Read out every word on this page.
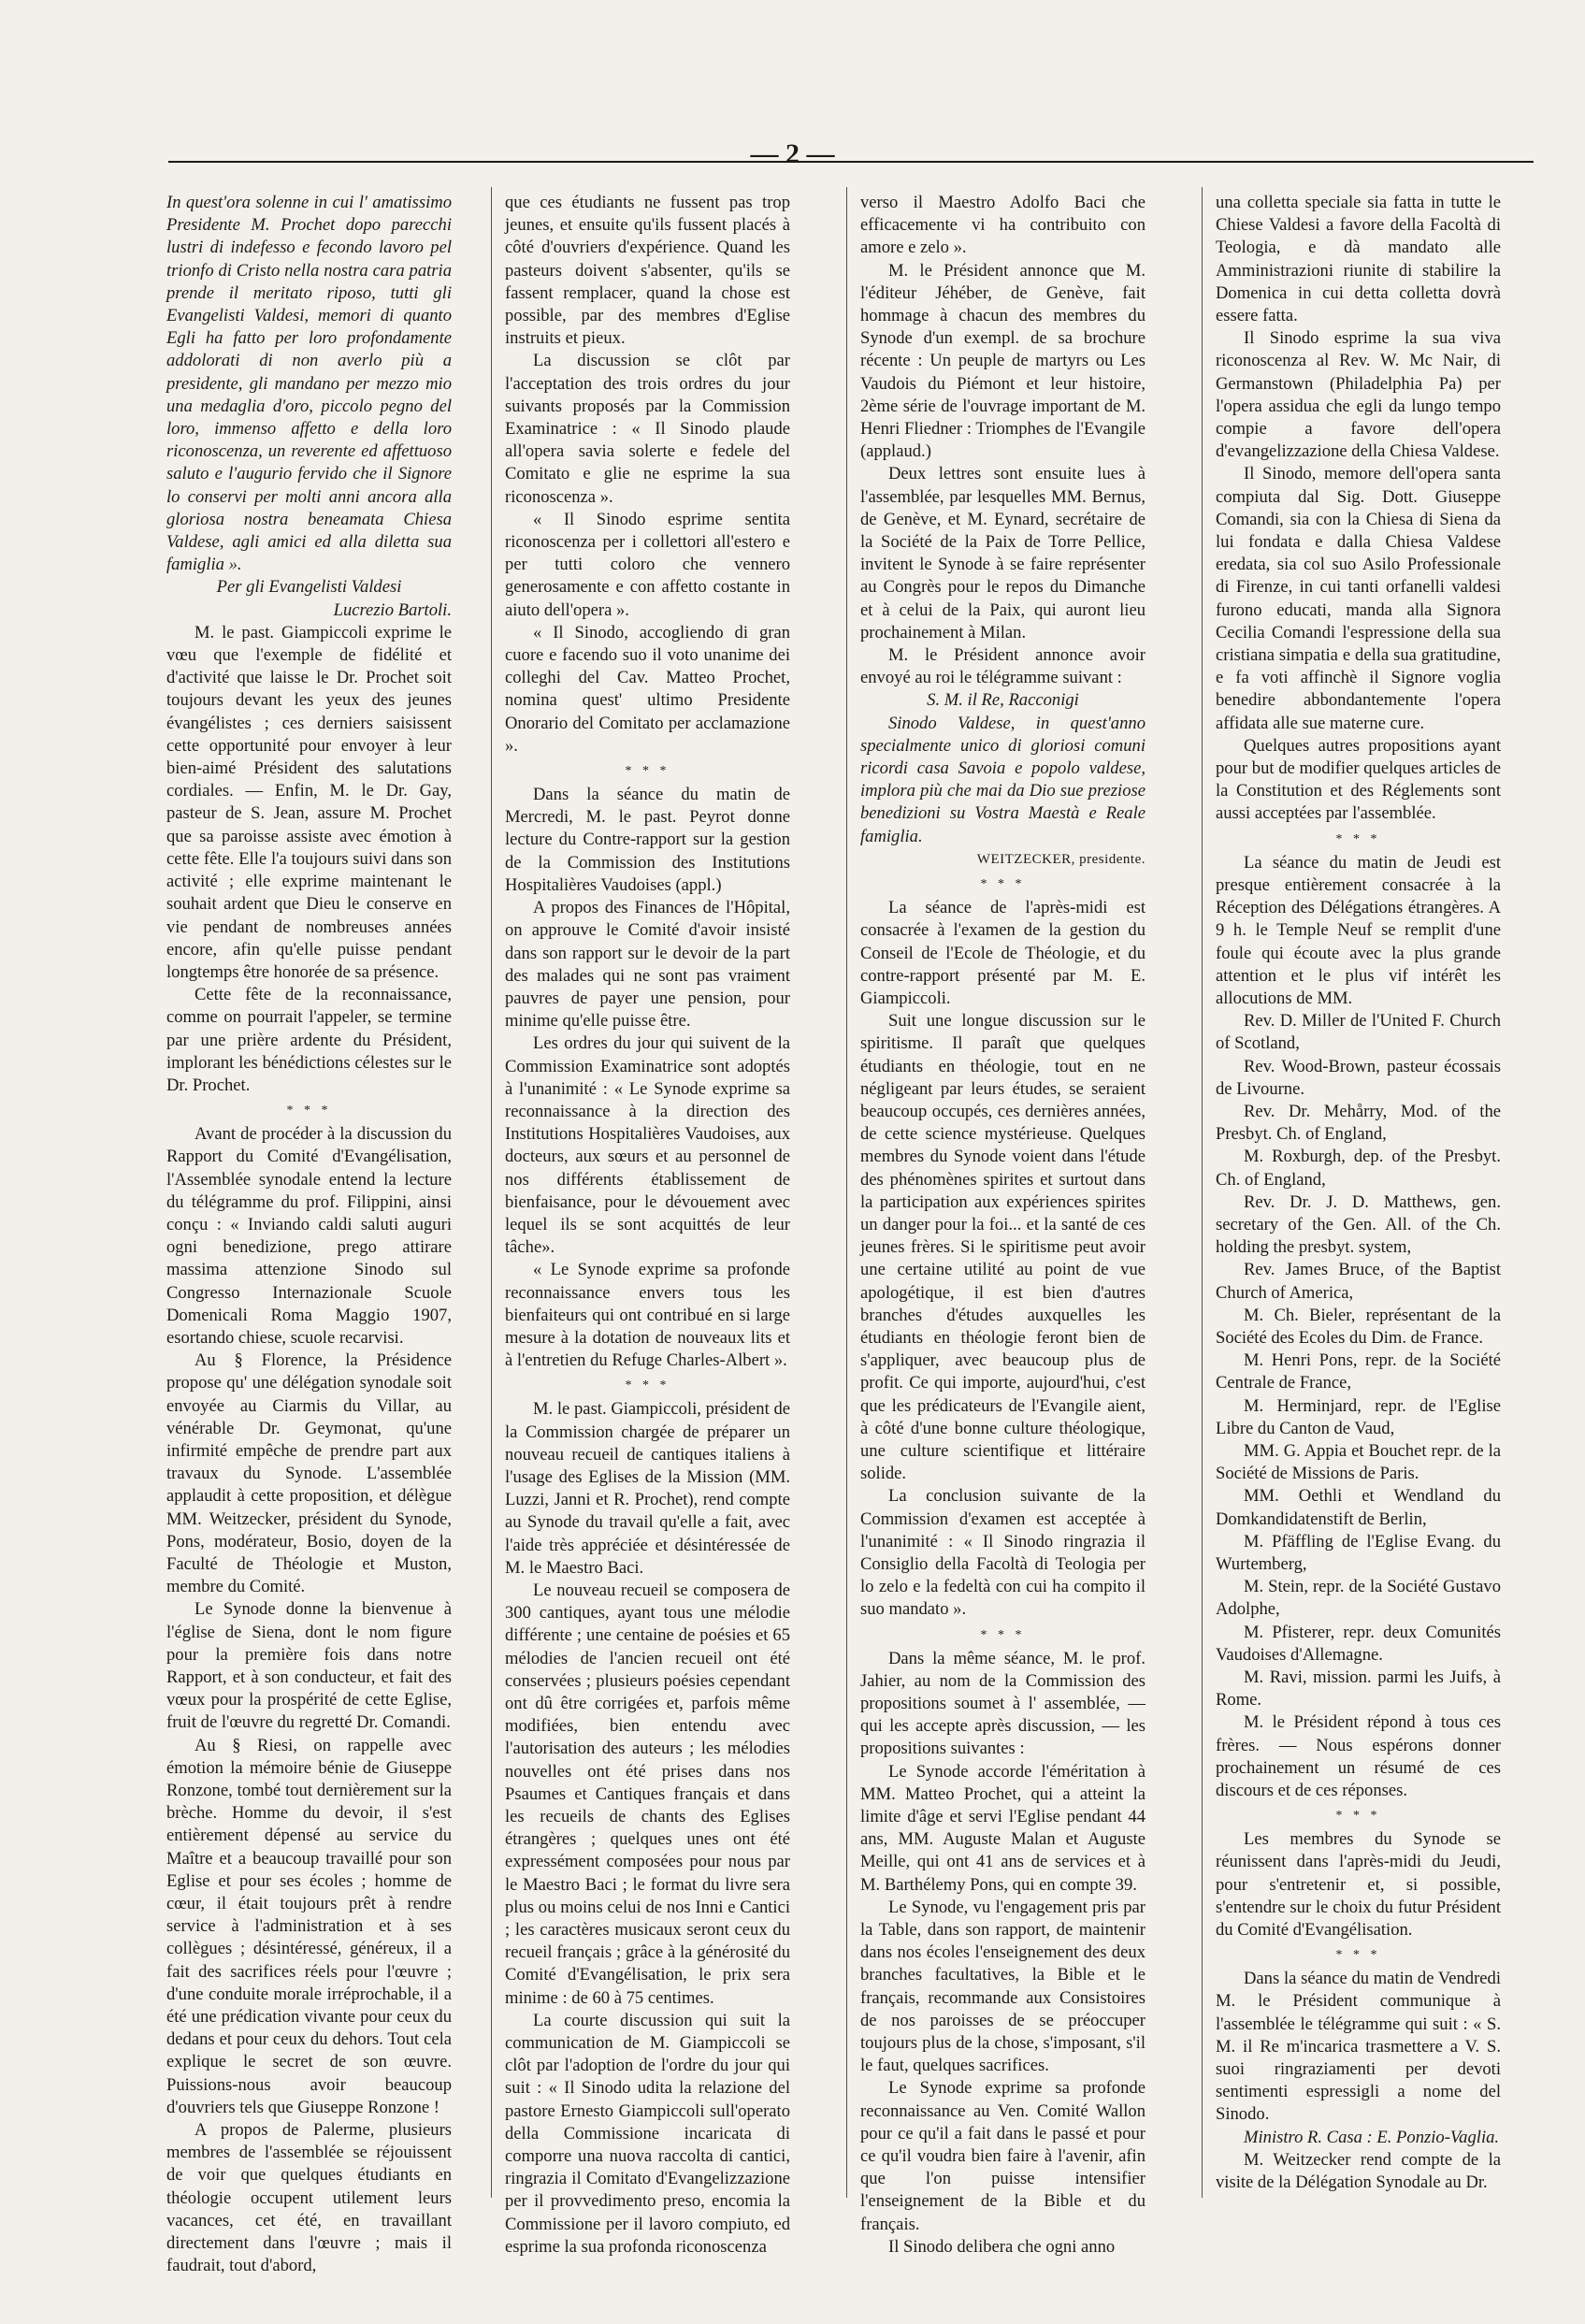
— 2 —

In quest'ora solenne in cui l' amatissimo Presidente M. Prochet dopo parecchi lustri di indefesso e fecondo lavoro pel trionfo di Cristo nella nostra cara patria prende il meritato riposo, tutti gli Evangelisti Valdesi, memori di quanto Egli ha fatto per loro profondamente addolorati di non averlo più a presidente, gli mandano per mezzo mio una medaglia d'oro, piccolo pegno del loro, immenso affetto e della loro riconoscenza, un reverente ed affettuoso saluto e l'augurio fervido che il Signore lo conservi per molti anni ancora alla gloriosa nostra beneamata Chiesa Valdese, agli amici ed alla diletta sua famiglia ».

Per gli Evangelisti Valdesi

Lucrezio Bartoli.

M. le past. Giampiccoli exprime le vœu que l'exemple de fidélité et d'activité que laisse le Dr. Prochet soit toujours devant les yeux des jeunes évangélistes ; ces derniers saisissent cette opportunité pour envoyer à leur bien-aimé Président des salutations cordiales. — Enfin, M. le Dr. Gay, pasteur de S. Jean, assure M. Prochet que sa paroisse assiste avec émotion à cette fête. Elle l'a toujours suivi dans son activité ; elle exprime maintenant le souhait ardent que Dieu le conserve en vie pendant de nombreuses années encore, afin qu'elle puisse pendant longtemps être honorée de sa présence.

Cette fête de la reconnaissance, comme on pourrait l'appeler, se termine par une prière ardente du Président, implorant les bénédictions célestes sur le Dr. Prochet.

* * *

Avant de procéder à la discussion du Rapport du Comité d'Evangélisation, l'Assemblée synodale entend la lecture du télégramme du prof. Filippini, ainsi conçu : « Inviando caldi saluti auguri ogni benedizione, prego attirare massima attenzione Sinodo sul Congresso Internazionale Scuole Domenicali Roma Maggio 1907, esortando chiese, scuole recarvisi.

Au § Florence, la Présidence propose qu' une délégation synodale soit envoyée au Ciarmis du Villar, au vénérable Dr. Geymonat, qu'une infirmité empêche de prendre part aux travaux du Synode. L'assemblée applaudit à cette proposition, et délègue MM. Weitzecker, président du Synode, Pons, modérateur, Bosio, doyen de la Faculté de Théologie et Muston, membre du Comité.

Le Synode donne la bienvenue à l'église de Siena, dont le nom figure pour la première fois dans notre Rapport, et à son conducteur, et fait des vœux pour la prospérité de cette Eglise, fruit de l'œuvre du regretté Dr. Comandi.

Au § Riesi, on rappelle avec émotion la mémoire bénie de Giuseppe Ronzone, tombé tout dernièrement sur la brèche. Homme du devoir, il s'est entièrement dépensé au service du Maître et a beaucoup travaillé pour son Eglise et pour ses écoles ; homme de cœur, il était toujours prêt à rendre service à l'administration et à ses collègues ; désintéressé, généreux, il a fait des sacrifices réels pour l'œuvre ; d'une conduite morale irréprochable, il a été une prédication vivante pour ceux du dedans et pour ceux du dehors. Tout cela explique le secret de son œuvre. Puissions-nous avoir beaucoup d'ouvriers tels que Giuseppe Ronzone !

A propos de Palerme, plusieurs membres de l'assemblée se réjouissent de voir que quelques étudiants en théologie occupent utilement leurs vacances, cet été, en travaillant directement dans l'œuvre ; mais il faudrait, tout d'abord,

que ces étudiants ne fussent pas trop jeunes, et ensuite qu'ils fussent placés à côté d'ouvriers d'expérience. Quand les pasteurs doivent s'absenter, qu'ils se fassent remplacer, quand la chose est possible, par des membres d'Eglise instruits et pieux.

La discussion se clôt par l'acceptation des trois ordres du jour suivants proposés par la Commission Examinatrice : « Il Sinodo plaude all'opera savia solerte e fedele del Comitato e glie ne esprime la sua riconoscenza ».

« Il Sinodo esprime sentita riconoscenza per i collettori all'estero e per tutti coloro che vennero generosamente e con affetto costante in aiuto dell'opera ».

« Il Sinodo, accogliendo di gran cuore e facendo suo il voto unanime dei colleghi del Cav. Matteo Prochet, nomina quest' ultimo Presidente Onorario del Comitato per acclamazione ».

* * *

Dans la séance du matin de Mercredi, M. le past. Peyrot donne lecture du Contre-rapport sur la gestion de la Commission des Institutions Hospitalières Vaudoises (appl.)

A propos des Finances de l'Hôpital, on approuve le Comité d'avoir insisté dans son rapport sur le devoir de la part des malades qui ne sont pas vraiment pauvres de payer une pension, pour minime qu'elle puisse être.

Les ordres du jour qui suivent de la Commission Examinatrice sont adoptés à l'unanimité : « Le Synode exprime sa reconnaissance à la direction des Institutions Hospitalières Vaudoises, aux docteurs, aux sœurs et au personnel de nos différents établissement de bienfaisance, pour le dévouement avec lequel ils se sont acquittés de leur tâche».

« Le Synode exprime sa profonde reconnaissance envers tous les bienfaiteurs qui ont contribué en si large mesure à la dotation de nouveaux lits et à l'entretien du Refuge Charles-Albert ».

* * *

M. le past. Giampiccoli, président de la Commission chargée de préparer un nouveau recueil de cantiques italiens à l'usage des Eglises de la Mission (MM. Luzzi, Janni et R. Prochet), rend compte au Synode du travail qu'elle a fait, avec l'aide très appréciée et désintéressée de M. le Maestro Baci.

Le nouveau recueil se composera de 300 cantiques, ayant tous une mélodie différente ; une centaine de poésies et 65 mélodies de l'ancien recueil ont été conservées ; plusieurs poésies cependant ont dû être corrigées et, parfois même modifiées, bien entendu avec l'autorisation des auteurs ; les mélodies nouvelles ont été prises dans nos Psaumes et Cantiques français et dans les recueils de chants des Eglises étrangères ; quelques unes ont été expressément composées pour nous par le Maestro Baci ; le format du livre sera plus ou moins celui de nos Inni e Cantici ; les caractères musicaux seront ceux du recueil français ; grâce à la générosité du Comité d'Evangélisation, le prix sera minime : de 60 à 75 centimes.

La courte discussion qui suit la communication de M. Giampiccoli se clôt par l'adoption de l'ordre du jour qui suit : « Il Sinodo udita la relazione del pastore Ernesto Giampiccoli sull'operato della Commissione incaricata di comporre una nuova raccolta di cantici, ringrazia il Comitato d'Evangelizzazione per il provvedimento preso, encomia la Commissione per il lavoro compiuto, ed esprime la sua profonda riconoscenza

verso il Maestro Adolfo Baci che efficacemente vi ha contribuito con amore e zelo ».

M. le Président annonce que M. l'éditeur Jéhéber, de Genève, fait hommage à chacun des membres du Synode d'un exempl. de sa brochure récente : Un peuple de martyrs ou Les Vaudois du Piémont et leur histoire, 2ème série de l'ouvrage important de M. Henri Fliedner : Triomphes de l'Evangile (applaud.)

Deux lettres sont ensuite lues à l'assemblée, par lesquelles MM. Bernus, de Genève, et M. Eynard, secrétaire de la Société de la Paix de Torre Pellice, invitent le Synode à se faire représenter au Congrès pour le repos du Dimanche et à celui de la Paix, qui auront lieu prochainement à Milan.

M. le Président annonce avoir envoyé au roi le télégramme suivant :

S. M. il Re, Racconigi

Sinodo Valdese, in quest'anno specialmente unico di gloriosi comuni ricordi casa Savoia e popolo valdese, implora più che mai da Dio sue preziose benedizioni su Vostra Maestà e Reale famiglia.

WEITZECKER, presidente.

* * *

La séance de l'après-midi est consacrée à l'examen de la gestion du Conseil de l'Ecole de Théologie, et du contre-rapport présenté par M. E. Giampiccoli.

Suit une longue discussion sur le spiritisme. Il paraît que quelques étudiants en théologie, tout en ne négligeant par leurs études, se seraient beaucoup occupés, ces dernières années, de cette science mystérieuse. Quelques membres du Synode voient dans l'étude des phénomènes spirites et surtout dans la participation aux expériences spirites un danger pour la foi... et la santé de ces jeunes frères. Si le spiritisme peut avoir une certaine utilité au point de vue apologétique, il est bien d'autres branches d'études auxquelles les étudiants en théologie feront bien de s'appliquer, avec beaucoup plus de profit. Ce qui importe, aujourd'hui, c'est que les prédicateurs de l'Evangile aient, à côté d'une bonne culture théologique, une culture scientifique et littéraire solide.

La conclusion suivante de la Commission d'examen est acceptée à l'unanimité : « Il Sinodo ringrazia il Consiglio della Facoltà di Teologia per lo zelo e la fedeltà con cui ha compito il suo mandato ».

* * *

Dans la même séance, M. le prof. Jahier, au nom de la Commission des propositions soumet à l' assemblée, — qui les accepte après discussion, — les propositions suivantes :

Le Synode accorde l'éméritation à MM. Matteo Prochet, qui a atteint la limite d'âge et servi l'Eglise pendant 44 ans, MM. Auguste Malan et Auguste Meille, qui ont 41 ans de services et à M. Barthélemy Pons, qui en compte 39.

Le Synode, vu l'engagement pris par la Table, dans son rapport, de maintenir dans nos écoles l'enseignement des deux branches facultatives, la Bible et le français, recommande aux Consistoires de nos paroisses de se préoccuper toujours plus de la chose, s'imposant, s'il le faut, quelques sacrifices.

Le Synode exprime sa profonde reconnaissance au Ven. Comité Wallon pour ce qu'il a fait dans le passé et pour ce qu'il voudra bien faire à l'avenir, afin que l'on puisse intensifier l'enseignement de la Bible et du français.

Il Sinodo delibera che ogni anno

una colletta speciale sia fatta in tutte le Chiese Valdesi a favore della Facoltà di Teologia, e dà mandato alle Amministrazioni riunite di stabilire la Domenica in cui detta colletta dovrà essere fatta.

Il Sinodo esprime la sua viva riconoscenza al Rev. W. Mc Nair, di Germanstown (Philadelphia Pa) per l'opera assidua che egli da lungo tempo compie a favore dell'opera d'evangelizzazione della Chiesa Valdese.

Il Sinodo, memore dell'opera santa compiuta dal Sig. Dott. Giuseppe Comandi, sia con la Chiesa di Siena da lui fondata e dalla Chiesa Valdese eredata, sia col suo Asilo Professionale di Firenze, in cui tanti orfanelli valdesi furono educati, manda alla Signora Cecilia Comandi l'espressione della sua cristiana simpatia e della sua gratitudine, e fa voti affinchè il Signore voglia benedire abbondantemente l'opera affidata alle sue materne cure.

Quelques autres propositions ayant pour but de modifier quelques articles de la Constitution et des Réglements sont aussi acceptées par l'assemblée.

* * *

La séance du matin de Jeudi est presque entièrement consacrée à la Réception des Délégations étrangères. A 9 h. le Temple Neuf se remplit d'une foule qui écoute avec la plus grande attention et le plus vif intérêt les allocutions de MM.

Rev. D. Miller de l'United F. Church of Scotland,

Rev. Wood-Brown, pasteur écossais de Livourne.

Rev. Dr. Mehårry, Mod. of the Presbyt. Ch. of England,

M. Roxburgh, dep. of the Presbyt. Ch. of England,

Rev. Dr. J. D. Matthews, gen. secretary of the Gen. All. of the Ch. holding the presbyt. system,

Rev. James Bruce, of the Baptist Church of America,

M. Ch. Bieler, représentant de la Société des Ecoles du Dim. de France.

M. Henri Pons, repr. de la Société Centrale de France,

M. Herminjard, repr. de l'Eglise Libre du Canton de Vaud,

MM. G. Appia et Bouchet repr. de la Société de Missions de Paris.

MM. Oethli et Wendland du Domkandidatenstift de Berlin,

M. Pfäffling de l'Eglise Evang. du Wurtemberg,

M. Stein, repr. de la Société Gustavo Adolphe,

M. Pfisterer, repr. deux Comunités Vaudoises d'Allemagne.

M. Ravi, mission. parmi les Juifs, à Rome.

M. le Président répond à tous ces frères. — Nous espérons donner prochainement un résumé de ces discours et de ces réponses.

* * *

Les membres du Synode se réunissent dans l'après-midi du Jeudi, pour s'entretenir et, si possible, s'entendre sur le choix du futur Président du Comité d'Evangélisation.

* * *

Dans la séance du matin de Vendredi M. le Président communique à l'assemblée le télégramme qui suit : « S. M. il Re m'incarica trasmettere a V. S. suoi ringraziamenti per devoti sentimenti espressigli a nome del Sinodo.

Ministro R. Casa : E. Ponzio-Vaglia.

M. Weitzecker rend compte de la visite de la Délégation Synodale au Dr.
